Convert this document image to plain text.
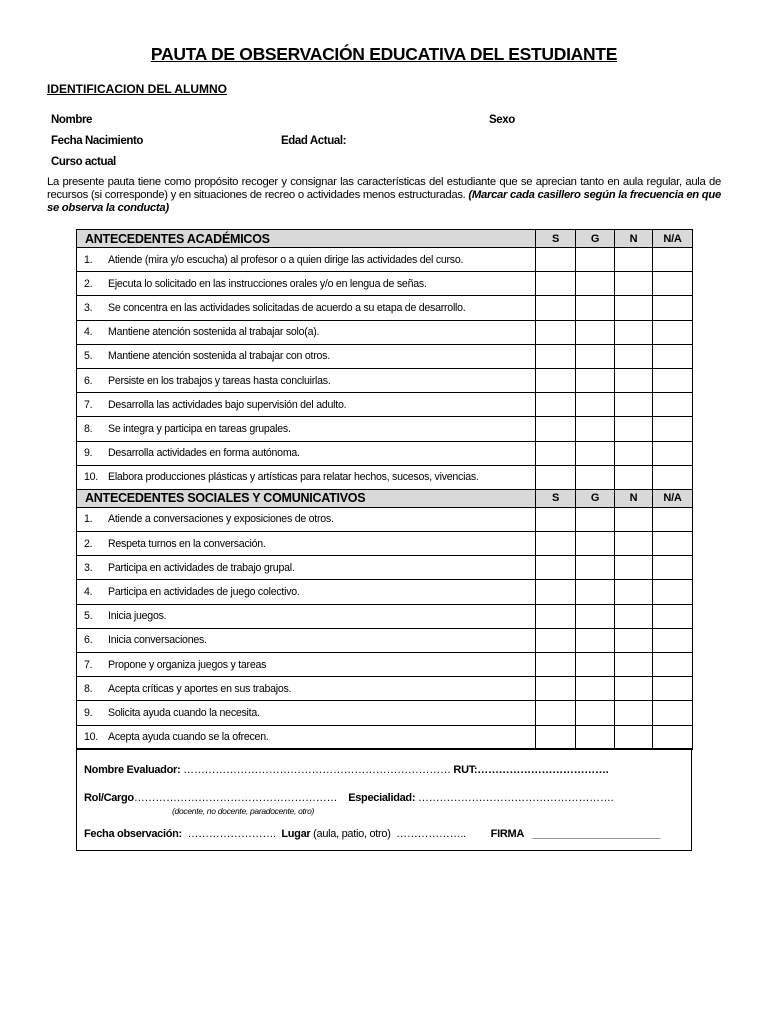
PAUTA DE OBSERVACIÓN EDUCATIVA DEL ESTUDIANTE
IDENTIFICACION DEL ALUMNO
Nombre	Sexo
Fecha Nacimiento	Edad Actual:
Curso actual
La presente pauta tiene como propósito recoger y consignar las características del estudiante que se aprecian tanto en aula regular, aula de recursos (si corresponde) y en situaciones de recreo o actividades menos estructuradas. (Marcar cada casillero según la frecuencia en que se observa la conducta)
ANTECEDENTES ACADÉMICOS	S	G	N	N/A
1. Atiende (mira y/o escucha) al profesor o a quien dirige las actividades del curso.				
2. Ejecuta lo solicitado en las instrucciones orales y/o en lengua de señas.				
3. Se concentra en las actividades solicitadas de acuerdo a su etapa de desarrollo.				
4. Mantiene atención sostenida al trabajar solo(a).				
5. Mantiene atención sostenida al trabajar con otros.				
6. Persiste en los trabajos y tareas hasta concluirlas.				
7. Desarrolla las actividades bajo supervisión del adulto.				
8. Se integra y participa en tareas grupales.				
9. Desarrolla actividades en forma autónoma.				
10. Elabora producciones plásticas y artísticas para relatar hechos, sucesos, vivencias.				
ANTECEDENTES SOCIALES Y COMUNICATIVOS	S	G	N	N/A
1. Atiende a conversaciones y exposiciones de otros.				
2. Respeta turnos en la conversación.				
3. Participa en actividades de trabajo grupal.				
4. Participa en actividades de juego colectivo.				
5. Inicia juegos.				
6. Inicia conversaciones.				
7. Propone y organiza juegos y tareas				
8. Acepta críticas y aportes en sus trabajos.				
9. Solicita ayuda cuando la necesita.				
10. Acepta ayuda cuando se la ofrecen.				
Nombre Evaluador: ………………………………………………………………… RUT:……………………………….
Rol/Cargo………………………………………………… Especialidad: ……………………………………………….
(docente, no docente, paradocente, otro)
Fecha observación: ……………………. Lugar (aula, patio, otro) ……………….. FIRMA ______________________
